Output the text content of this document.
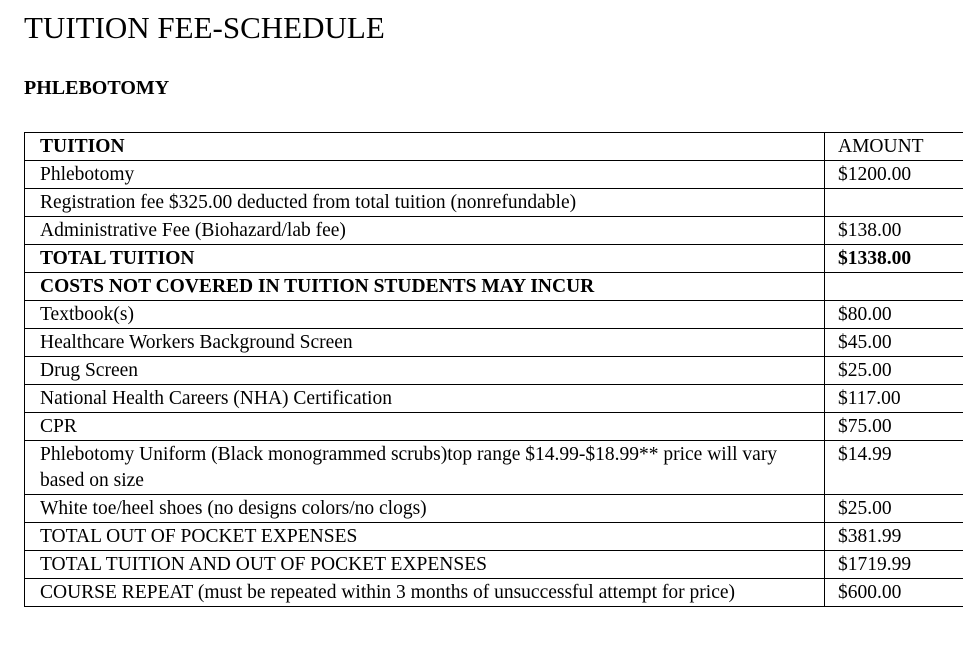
TUITION FEE-SCHEDULE
PHLEBOTOMY
TUITION	AMOUNT
Phlebotomy	$1200.00
Registration fee $325.00 deducted from total tuition (nonrefundable)	
Administrative Fee (Biohazard/lab fee)	$138.00
TOTAL TUITION	$1338.00
COSTS NOT COVERED IN TUITION STUDENTS MAY INCUR	
Textbook(s)	$80.00
Healthcare Workers Background Screen	$45.00
Drug Screen	$25.00
National Health Careers (NHA) Certification	$117.00
CPR	$75.00
Phlebotomy Uniform (Black monogrammed scrubs)top range $14.99-$18.99** price will vary based on size	$14.99
White toe/heel shoes (no designs colors/no clogs)	$25.00
TOTAL OUT OF POCKET EXPENSES	$381.99
TOTAL TUITION AND OUT OF POCKET EXPENSES	$1719.99
COURSE REPEAT (must be repeated within 3 months of unsuccessful attempt for price)	$600.00
